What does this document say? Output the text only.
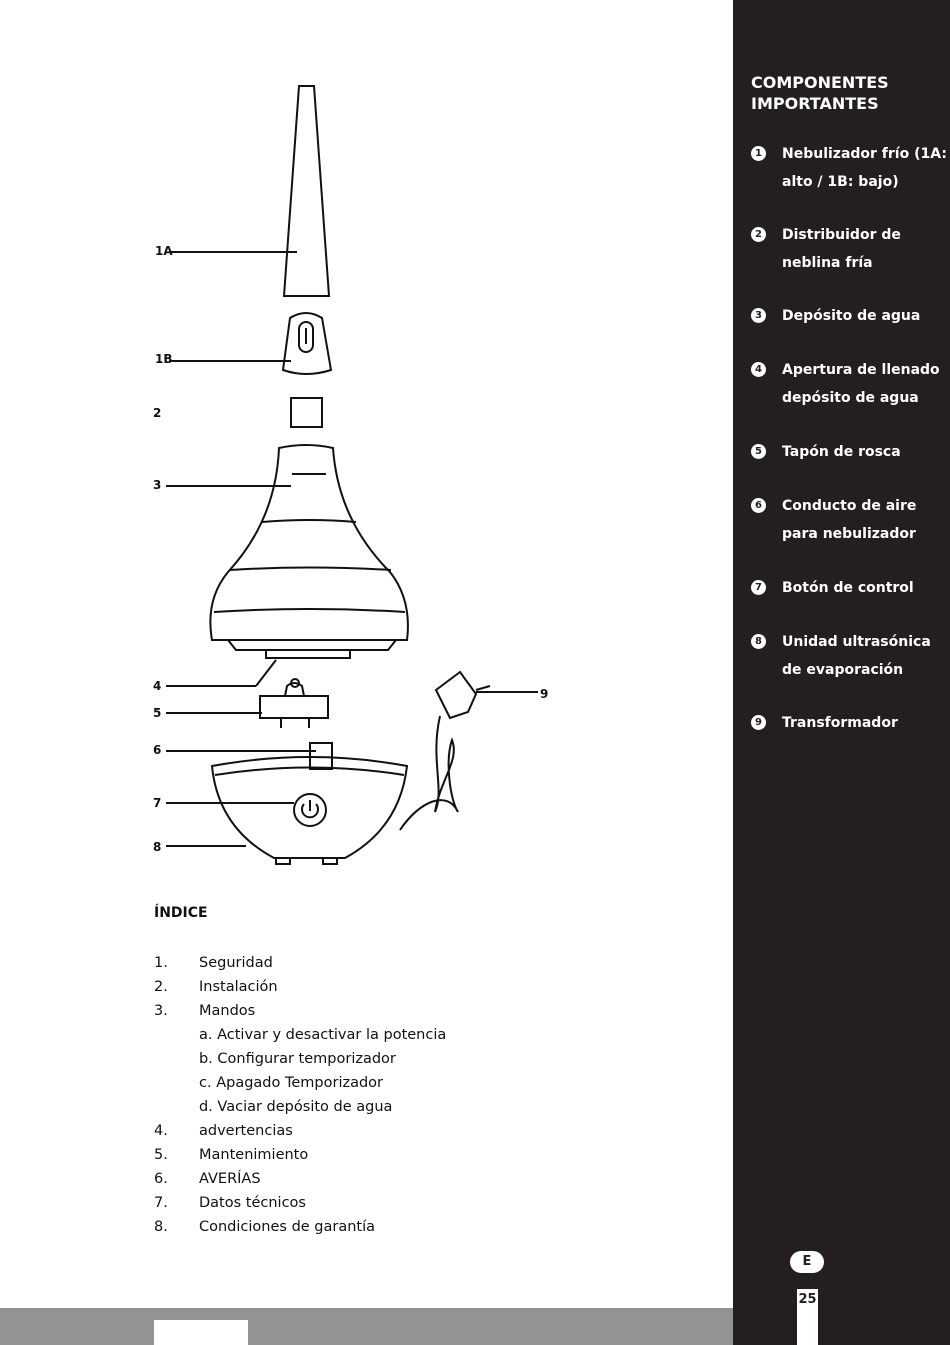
1A
1B
2
3
4
5
6
7
8
9
ÍNDICE
1. Seguridad
2. Instalación
3. Mandos
a. Activar y desactivar la potencia
b. Configurar temporizador
c. Apagado Temporizador
d. Vaciar depósito de agua
4. advertencias
5. Mantenimiento
6. AVERÍAS
7. Datos técnicos
8. Condiciones de garantía
COMPONENTES
IMPORTANTES
1 Nebulizador frío (1A:
alto / 1B: bajo)
2 Distribuidor de
neblina fría
3 Depósito de agua
4 Apertura de llenado
depósito de agua
5 Tapón de rosca
6 Conducto de aire
para nebulizador
7 Botón de control
8 Unidad ultrasónica
de evaporación
9 Transformador
E
25
